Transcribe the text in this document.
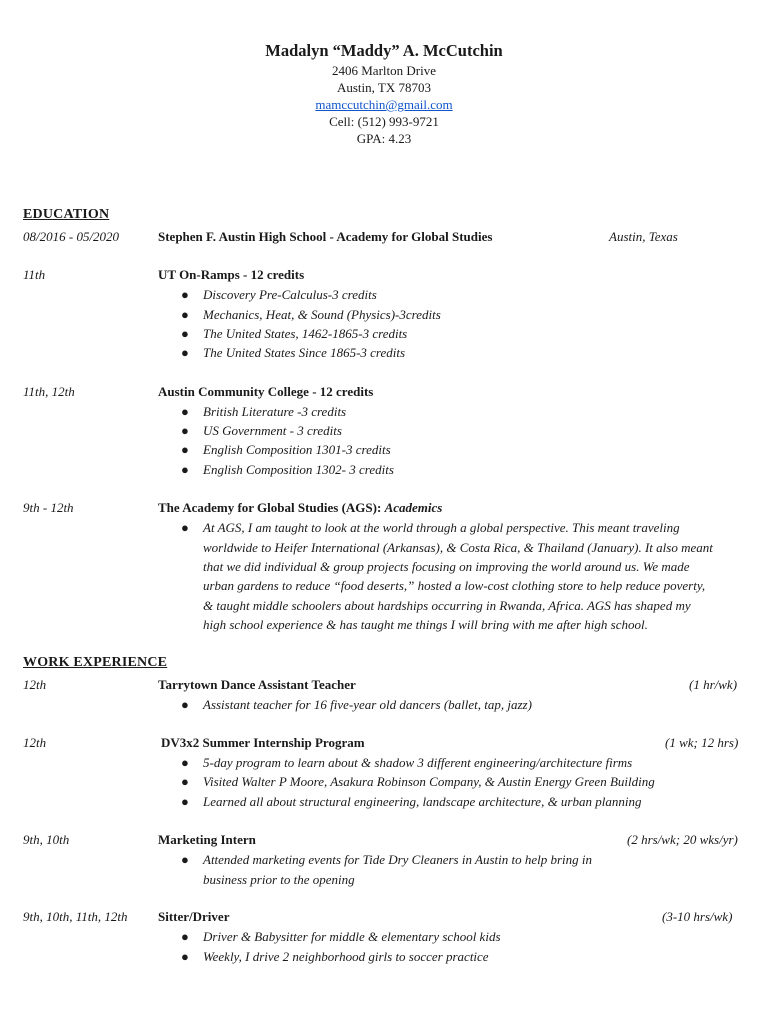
Madalyn “Maddy” A. McCutchin
2406 Marlton Drive
Austin, TX 78703
mamccutchin@gmail.com
Cell: (512) 993-9721
GPA: 4.23
EDUCATION
08/2016 - 05/2020	Stephen F. Austin High School - Academy for Global Studies	Austin, Texas
11th	UT On-Ramps - 12 credits
● Discovery Pre-Calculus-3 credits
● Mechanics, Heat, & Sound (Physics)-3credits
● The United States, 1462-1865-3 credits
● The United States Since 1865-3 credits
11th, 12th	Austin Community College - 12 credits
● British Literature -3 credits
● US Government - 3 credits
● English Composition 1301-3 credits
● English Composition 1302- 3 credits
9th - 12th	The Academy for Global Studies (AGS): Academics
● At AGS, I am taught to look at the world through a global perspective. This meant traveling
worldwide to Heifer International (Arkansas), & Costa Rica, & Thailand (January). It also meant
that we did individual & group projects focusing on improving the world around us. We made
urban gardens to reduce “food deserts,” hosted a low-cost clothing store to help reduce poverty,
& taught middle schoolers about hardships occurring in Rwanda, Africa. AGS has shaped my
high school experience & has taught me things I will bring with me after high school.
WORK EXPERIENCE
12th	Tarrytown Dance Assistant Teacher	(1 hr/wk)
● Assistant teacher for 16 five-year old dancers (ballet, tap, jazz)
12th	DV3x2 Summer Internship Program	(1 wk; 12 hrs)
● 5-day program to learn about & shadow 3 different engineering/architecture firms
● Visited Walter P Moore, Asakura Robinson Company, & Austin Energy Green Building
● Learned all about structural engineering, landscape architecture, & urban planning
9th, 10th	Marketing Intern	(2 hrs/wk; 20 wks/yr)
● Attended marketing events for Tide Dry Cleaners in Austin to help bring in
business prior to the opening
9th, 10th, 11th, 12th Sitter/Driver	(3-10 hrs/wk)
● Driver & Babysitter for middle & elementary school kids
● Weekly, I drive 2 neighborhood girls to soccer practice
